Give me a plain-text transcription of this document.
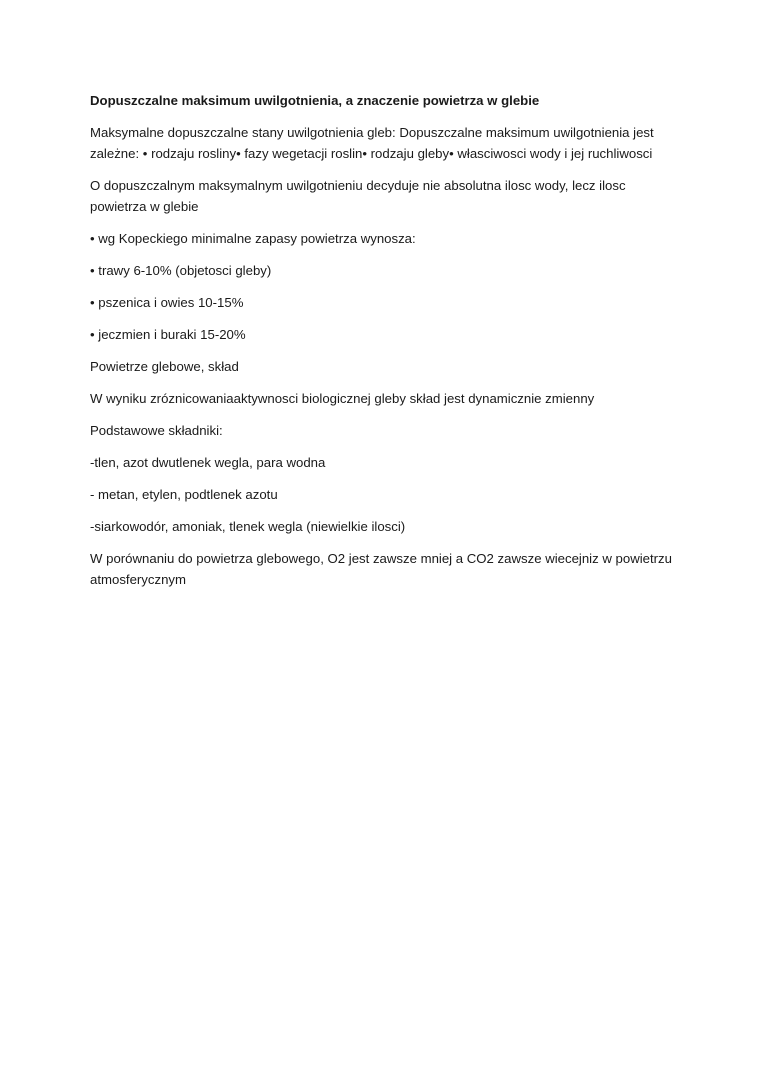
Dopuszczalne maksimum uwilgotnienia, a znaczenie powietrza w glebie

Maksymalne dopuszczalne stany uwilgotnienia gleb: Dopuszczalne maksimum uwilgotnienia jest zależne: • rodzaju rosliny• fazy wegetacji roslin• rodzaju gleby• własciwosci wody i jej ruchliwosci

O dopuszczalnym maksymalnym uwilgotnieniu decyduje nie absolutna ilosc wody, lecz ilosc powietrza w glebie

• wg Kopeckiego minimalne zapasy powietrza wynosza:

• trawy 6-10% (objetosci gleby)

• pszenica i owies 10-15%

• jeczmien i buraki 15-20%

Powietrze glebowe, skład

W wyniku zróznicowaniaaktywnosci biologicznej gleby skład jest dynamicznie zmienny

Podstawowe składniki:

-tlen, azot dwutlenek wegla, para wodna

- metan, etylen, podtlenek azotu

-siarkowodór, amoniak, tlenek wegla (niewielkie ilosci)

W porównaniu do powietrza glebowego, O2 jest zawsze mniej a CO2 zawsze wiecejniz w powietrzu atmosferycznym
